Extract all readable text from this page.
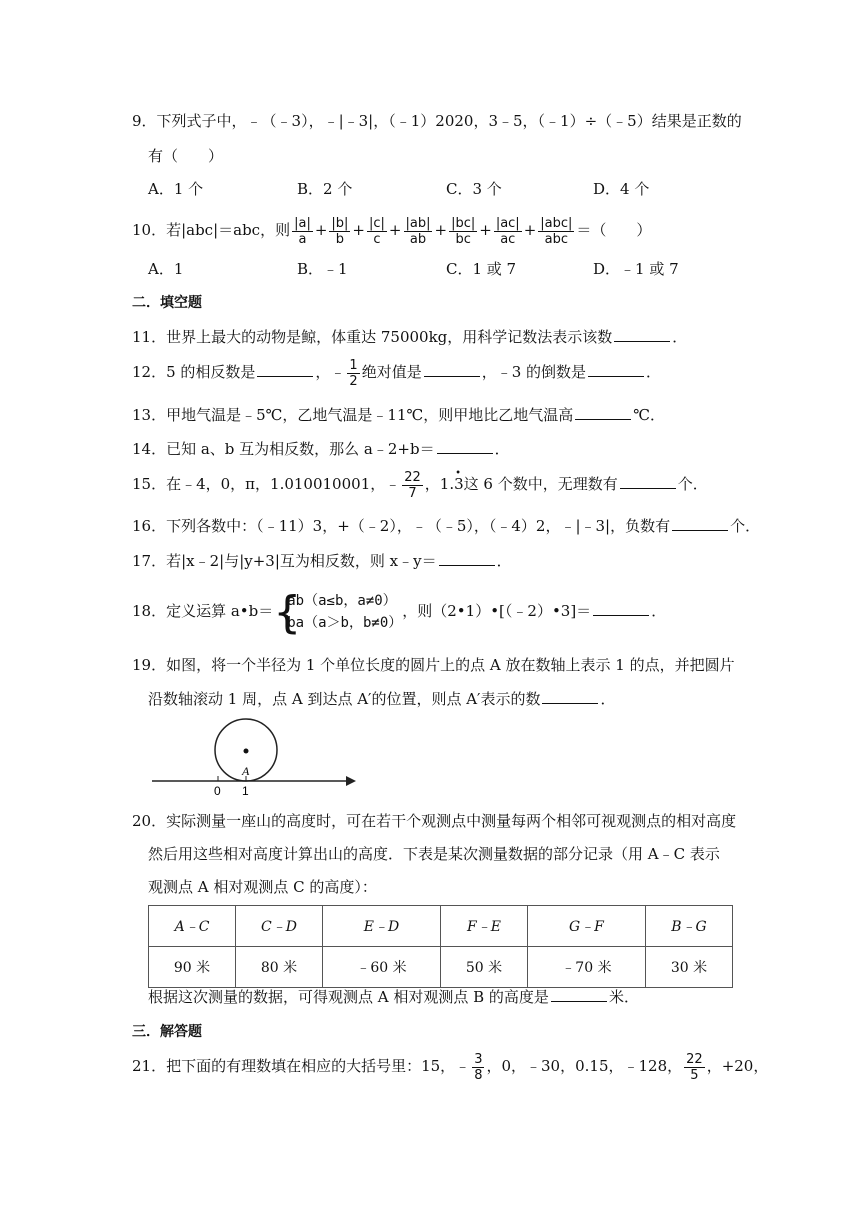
9．下列式子中，﹣（﹣3），﹣|﹣3|，（﹣1）2020，3﹣5，（﹣1）÷（﹣5）结果是正数的
有（　　）
A．1 个	B．2 个	C．3 个	D．4 个
10．若|abc|＝abc，则 $\frac{|a|}{a} + \frac{|b|}{b} + \frac{|c|}{c} + \frac{|ab|}{ab} + \frac{|bc|}{bc} + \frac{|ac|}{ac} + \frac{\text{|abc|}}{\text{abc}}$ ＝（　　）
A．1	B．﹣1	C．1 或 7	D．﹣1 或 7
二．填空题
11．世界上最大的动物是鲸，体重达 75000kg，用科学记数法表示该数	．
12．5 的相反数是	，﹣ $\frac{1}{2}$ 绝对值是	，﹣3 的倒数是	．
13．甲地气温是﹣5℃，乙地气温是﹣11℃，则甲地比乙地气温高	℃．
14．已知 a、b 互为相反数，那么 a﹣2+b＝	．
15．在﹣4，0，π，1.010010001，﹣ $\frac{22}{7}$ ，1.• 3这 6 个数中，无理数有	个．
16．下列各数中：（﹣11）3，+（﹣2），﹣（﹣5），（﹣4）2，﹣|﹣3|，负数有	个．
17．若|x﹣2|与|y+3|互为相反数，则 x﹣y＝	．
18．定义运算 a•b＝ {
ab（a≤b，a≠0）
ba（a＞b，b≠0）
，则（2•1）•[（﹣2）•3]＝	．
19．如图，将一个半径为 1 个单位长度的圆片上的点 A 放在数轴上表示 1 的点，并把圆片
沿数轴滚动 1 周，点 A 到达点 A′的位置，则点 A′表示的数	．
A
0 1
20．实际测量一座山的高度时，可在若干个观测点中测量每两个相邻可视观测点的相对高度
然后用这些相对高度计算出山的高度．下表是某次测量数据的部分记录（用 A﹣C 表示
观测点 A 相对观测点 C 的高度）：
A﹣C	C﹣D	E﹣D	F﹣E	G﹣F	B﹣G
90 米	80 米	﹣60 米	50 米	﹣70 米	30 米
根据这次测量的数据，可得观测点 A 相对观测点 B 的高度是	米．
三．解答题
21．把下面的有理数填在相应的大括号里：15，﹣ $\frac{3}{8}$ ，0，﹣30，0.15，﹣128， $\frac{22}{5}$ ，+20，
